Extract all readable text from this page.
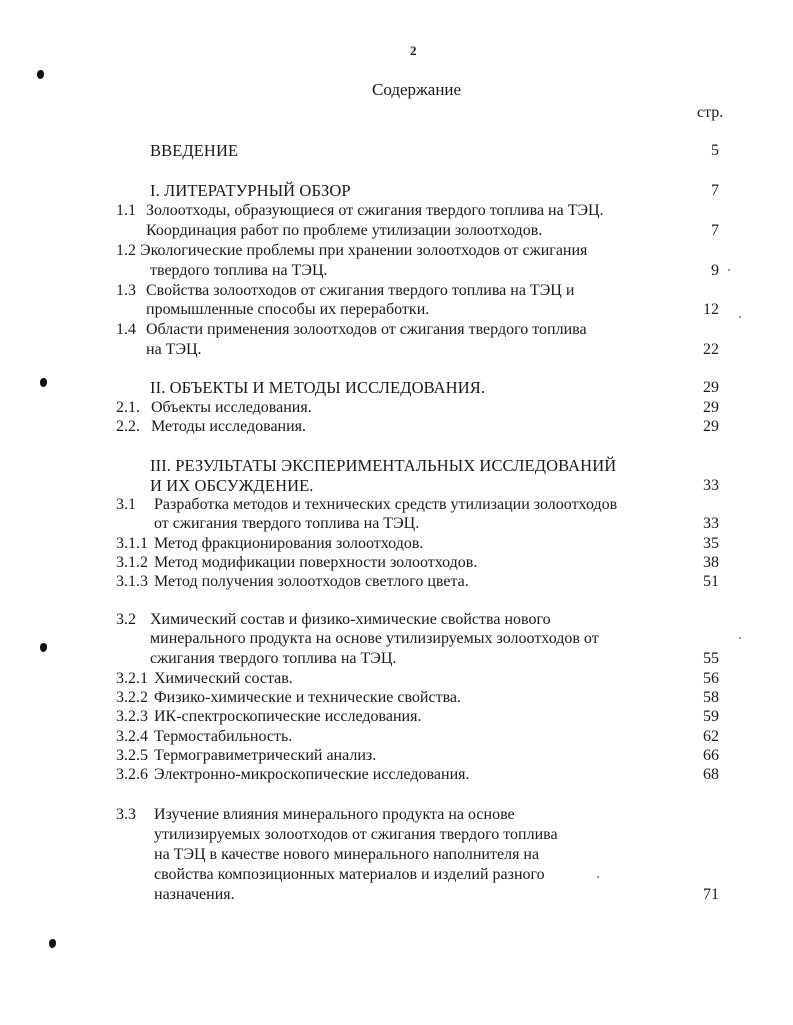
2
Содержание
стр.
ВВЕДЕНИЕ	5
I. ЛИТЕРАТУРНЫЙ ОБЗОР	7
1.1 Золоотходы, образующиеся от сжигания твердого топлива на ТЭЦ.
Координация работ по проблеме утилизации золоотходов.	7
1.2 Экологические проблемы при хранении золоотходов от сжигания
твердого топлива на ТЭЦ.	9
1.3 Свойства золоотходов от сжигания твердого топлива на ТЭЦ и
промышленные способы их переработки.	12
1.4 Области применения золоотходов от сжигания твердого топлива
на ТЭЦ.	22
II. ОБЪЕКТЫ И МЕТОДЫ ИССЛЕДОВАНИЯ.	29
2.1. Объекты исследования.	29
2.2. Методы исследования.	29
III. РЕЗУЛЬТАТЫ ЭКСПЕРИМЕНТАЛЬНЫХ ИССЛЕДОВАНИЙ
И ИХ ОБСУЖДЕНИЕ.	33
3.1 Разработка методов и технических средств утилизации золоотходов
от сжигания твердого топлива на ТЭЦ.	33
3.1.1 Метод фракционирования золоотходов.	35
3.1.2 Метод модификации поверхности золоотходов.	38
3.1.3 Метод получения золоотходов светлого цвета.	51
3.2 Химический состав и физико-химические свойства нового
минерального продукта на основе утилизируемых золоотходов от
сжигания твердого топлива на ТЭЦ.	55
3.2.1 Химический состав.	56
3.2.2 Физико-химические и технические свойства.	58
3.2.3 ИК-спектроскопические исследования.	59
3.2.4 Термостабильность.	62
3.2.5 Термогравиметрический анализ.	66
3.2.6 Электронно-микроскопические исследования.	68
3.3 Изучение влияния минерального продукта на основе
утилизируемых золоотходов от сжигания твердого топлива
на ТЭЦ в качестве нового минерального наполнителя на
свойства композиционных материалов и изделий разного
назначения.	71
